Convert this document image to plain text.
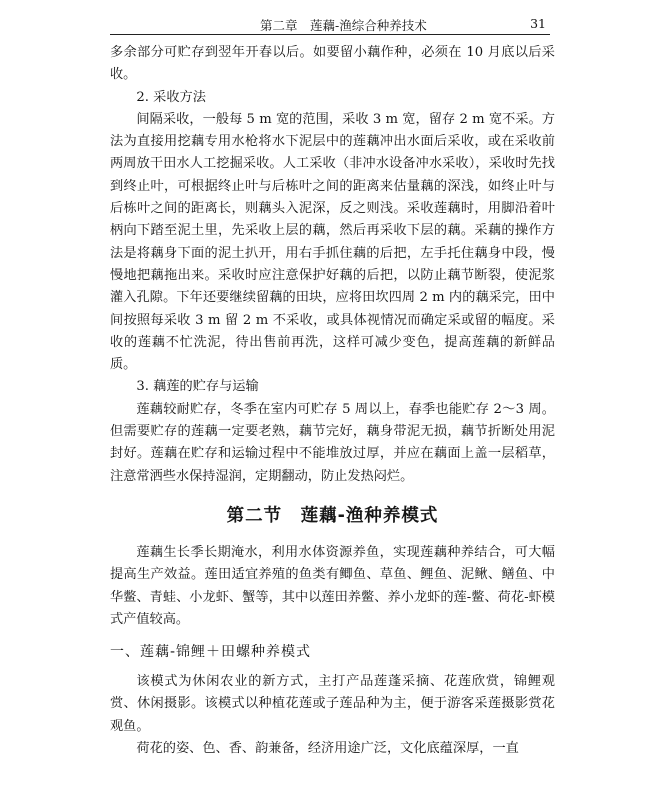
第二章　莲藕-渔综合种养技术	31

多余部分可贮存到翌年开春以后。如要留小藕作种，必须在 10 月底以后采收。

2. 采收方法

间隔采收，一般每 5 m 宽的范围，采收 3 m 宽，留存 2 m 宽不采。方法为直接用挖藕专用水枪将水下泥层中的莲藕冲出水面后采收，或在采收前两周放干田水人工挖掘采收。人工采收（非冲水设备冲水采收），采收时先找到终止叶，可根据终止叶与后栋叶之间的距离来估量藕的深浅，如终止叶与后栋叶之间的距离长，则藕头入泥深，反之则浅。采收莲藕时，用脚沿着叶柄向下踏至泥土里，先采收上层的藕，然后再采收下层的藕。采藕的操作方法是将藕身下面的泥土扒开，用右手抓住藕的后把，左手托住藕身中段，慢慢地把藕拖出来。采收时应注意保护好藕的后把，以防止藕节断裂，使泥浆灌入孔隙。下年还要继续留藕的田块，应将田坎四周 2 m 内的藕采完，田中间按照每采收 3 m 留 2 m 不采收，或具体视情况而确定采或留的幅度。采收的莲藕不忙洗泥，待出售前再洗，这样可减少变色，提高莲藕的新鲜品质。

3. 藕莲的贮存与运输

莲藕较耐贮存，冬季在室内可贮存 5 周以上，春季也能贮存 2～3 周。但需要贮存的莲藕一定要老熟，藕节完好，藕身带泥无损，藕节折断处用泥封好。莲藕在贮存和运输过程中不能堆放过厚，并应在藕面上盖一层稻草，注意常洒些水保持湿润，定期翻动，防止发热闷烂。

第二节　莲藕-渔种养模式

莲藕生长季长期淹水，利用水体资源养鱼，实现莲藕种养结合，可大幅提高生产效益。莲田适宜养殖的鱼类有鲫鱼、草鱼、鲤鱼、泥鳅、鳝鱼、中华鳖、青蛙、小龙虾、蟹等，其中以莲田养鳖、养小龙虾的莲-鳖、荷花-虾模式产值较高。

一、莲藕-锦鲤＋田螺种养模式

该模式为休闲农业的新方式，主打产品莲蓬采摘、花莲欣赏，锦鲤观赏、休闲摄影。该模式以种植花莲或子莲品种为主，便于游客采莲摄影赏花观鱼。

荷花的姿、色、香、韵兼备，经济用途广泛，文化底蕴深厚，一直
